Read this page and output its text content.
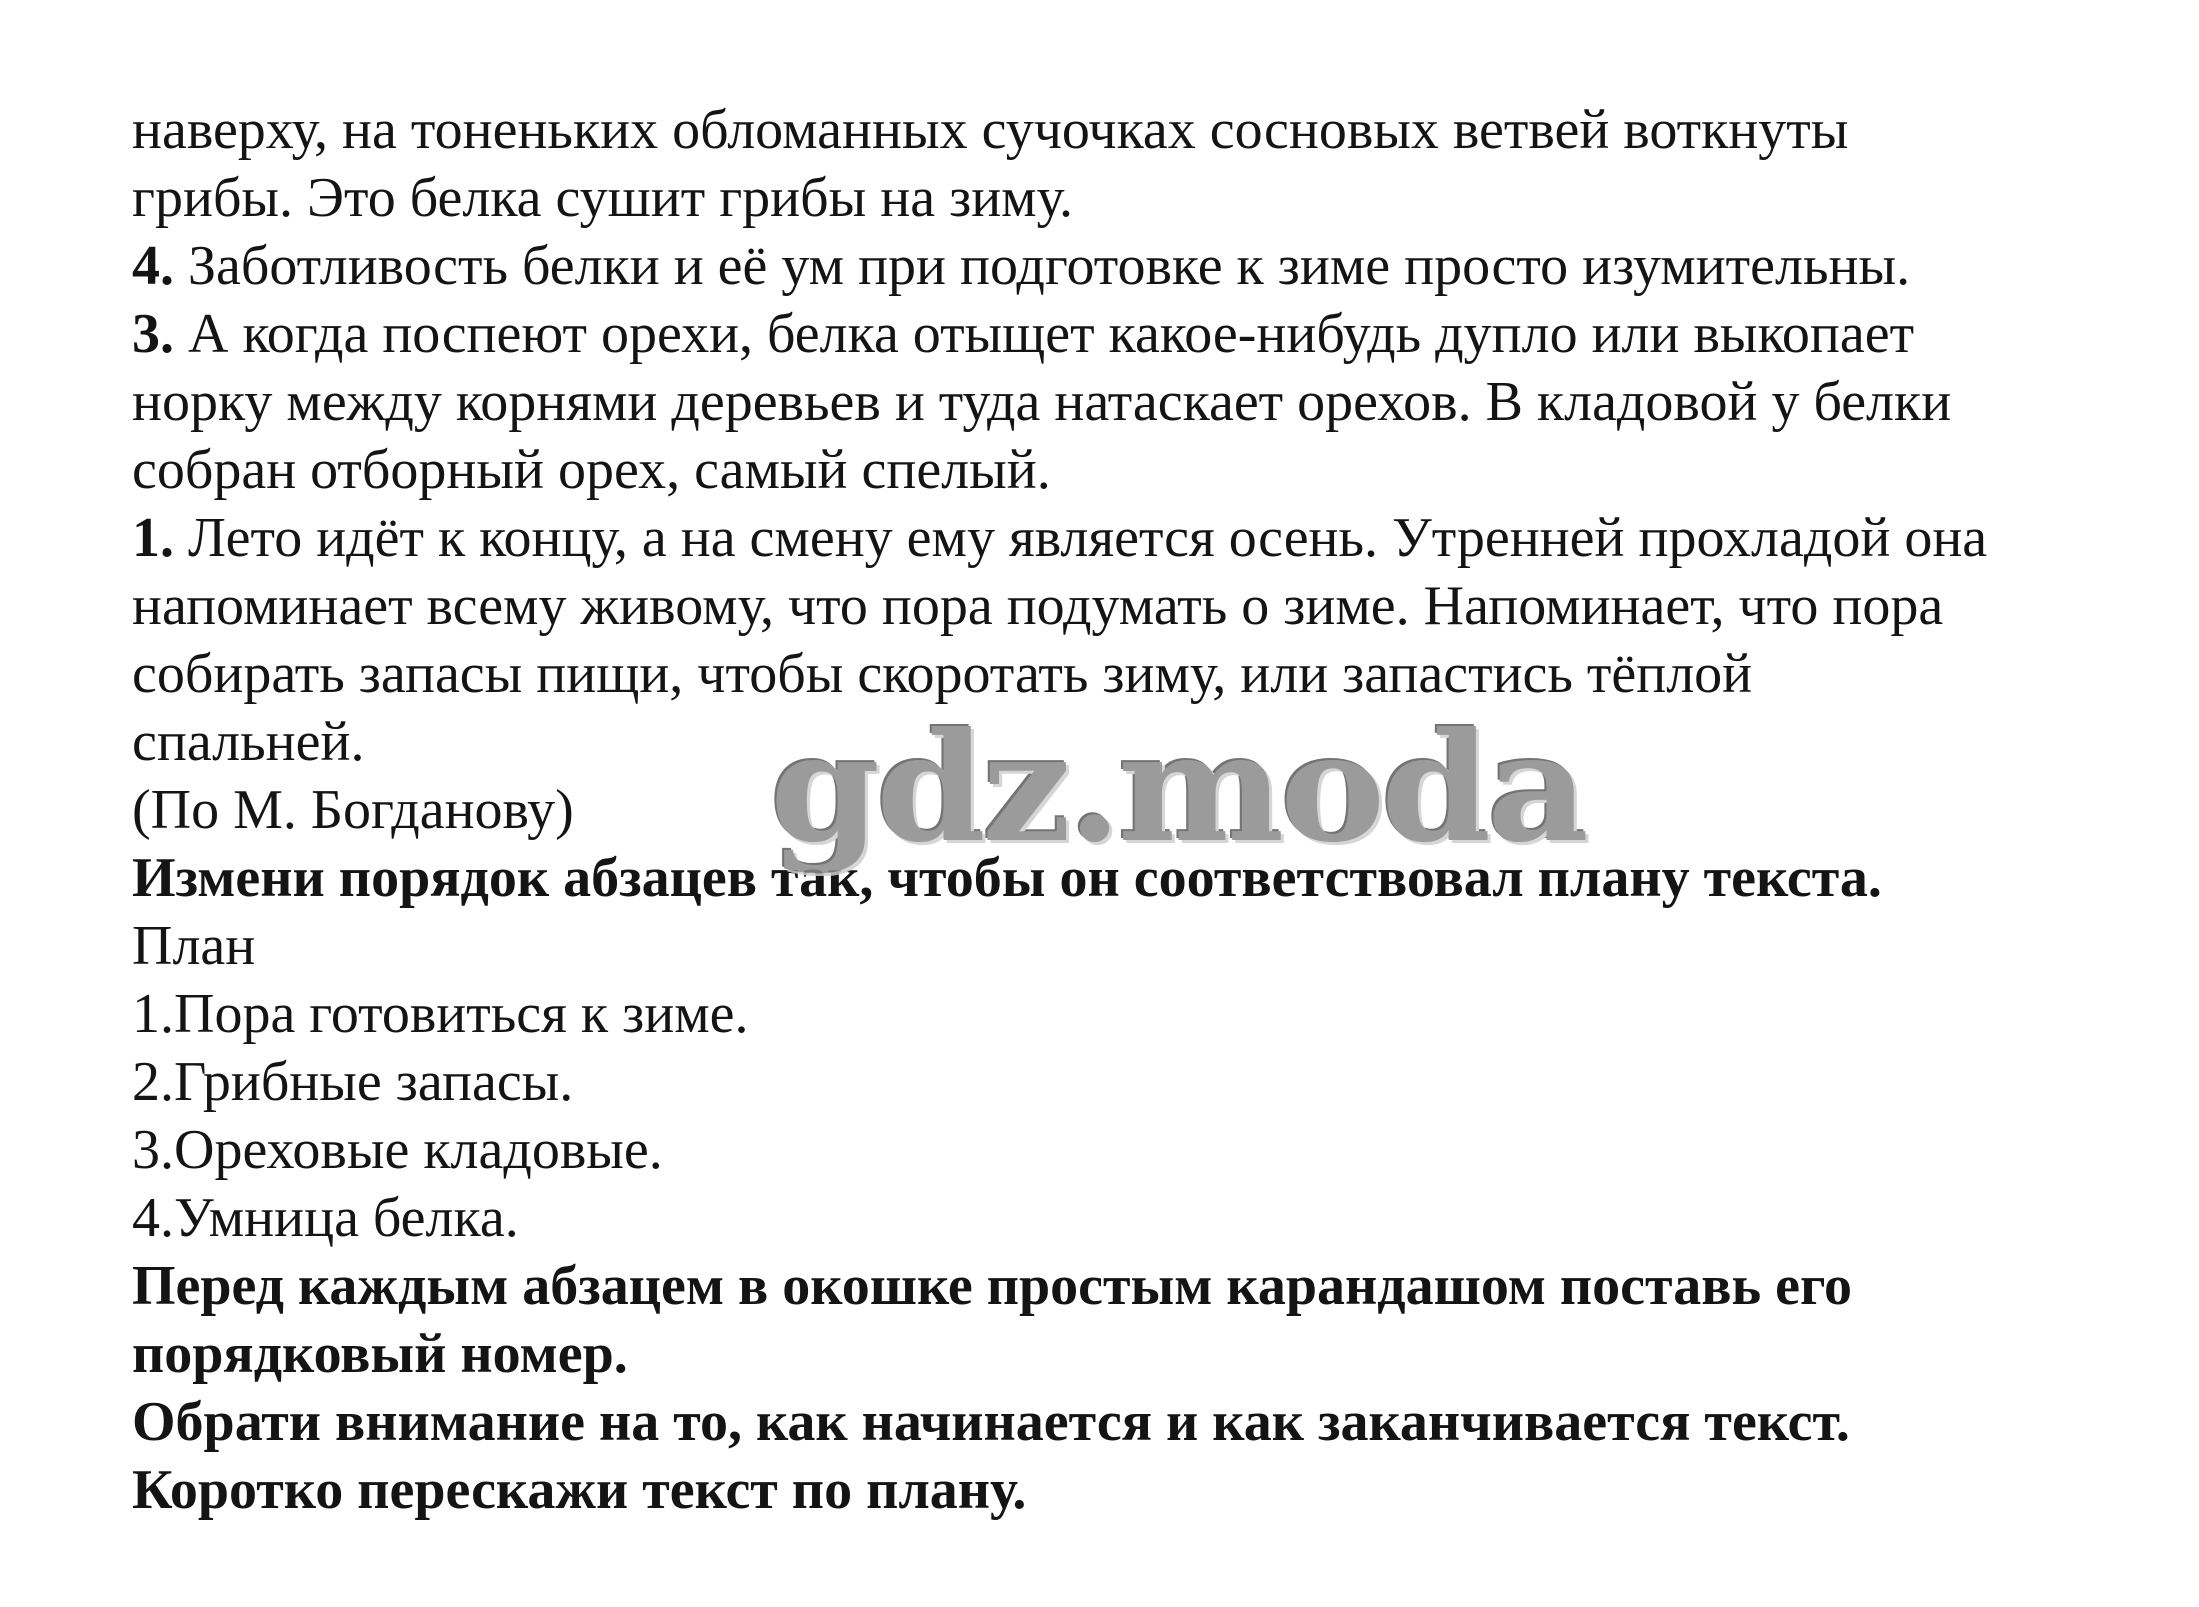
наверху, на тоненьких обломанных сучочках сосновых ветвей воткнуты

грибы. Это белка сушит грибы на зиму.

4. Заботливость белки и её ум при подготовке к зиме просто изумительны.

3. А когда поспеют орехи, белка отыщет какое-нибудь дупло или выкопает

норку между корнями деревьев и туда натаскает орехов. В кладовой у белки

собран отборный орех, самый спелый.

1. Лето идёт к концу, а на смену ему является осень. Утренней прохладой она

напоминает всему живому, что пора подумать о зиме. Напоминает, что пора

собирать запасы пищи, чтобы скоротать зиму, или запастись тёплой

спальней.

(По М. Богданову)

Измени порядок абзацев так, чтобы он соответствовал плану текста.

План

1.Пора готовиться к зиме.

2.Грибные запасы.

3.Ореховые кладовые.

4.Умница белка.

Перед каждым абзацем в окошке простым карандашом поставь его

порядковый номер.

Обрати внимание на то, как начинается и как заканчивается текст.

Коротко перескажи текст по плану.

gdz.moda
